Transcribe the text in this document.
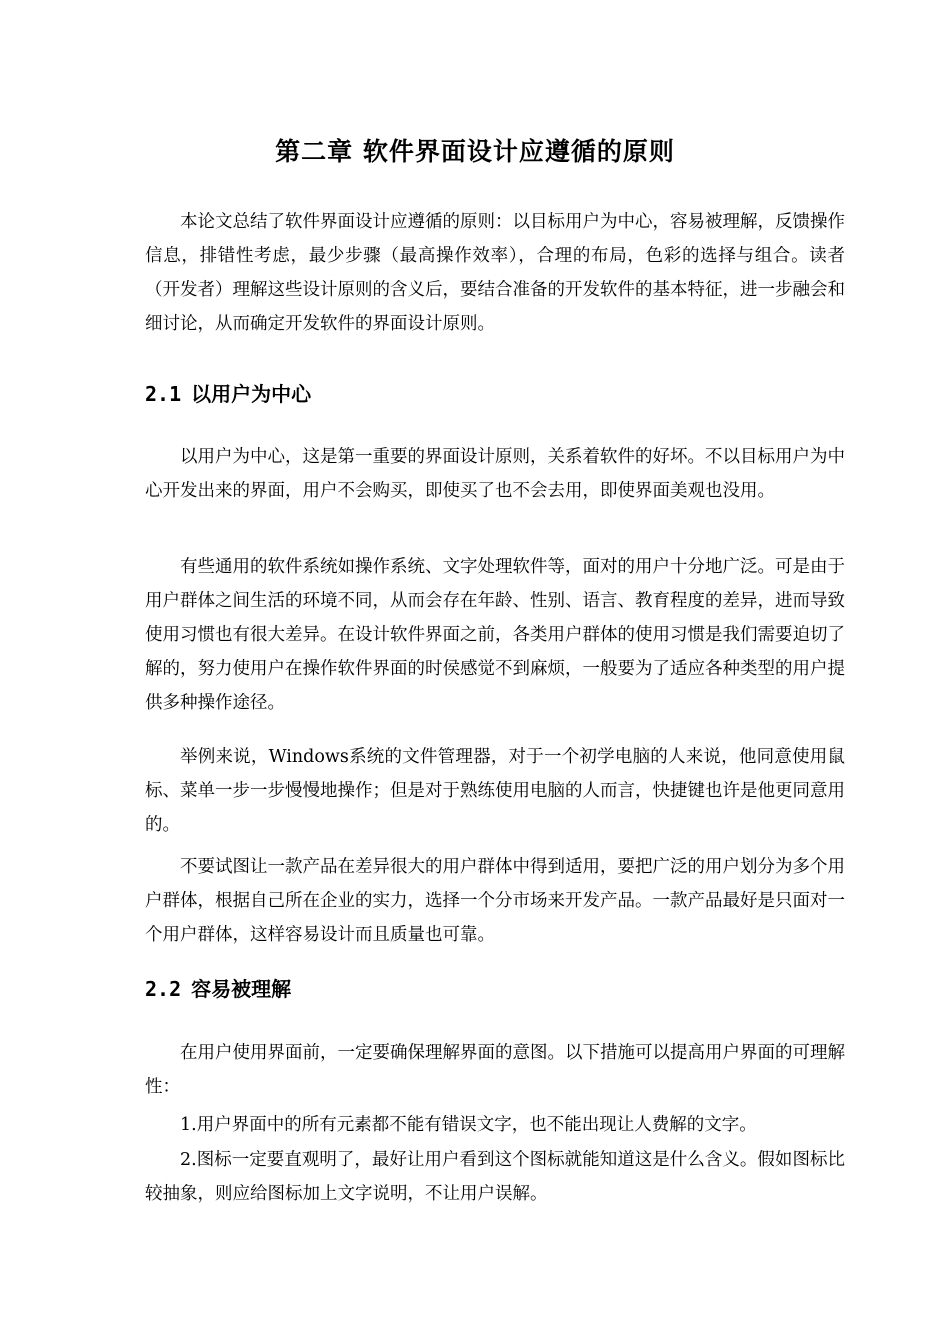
第二章 软件界面设计应遵循的原则

本论文总结了软件界面设计应遵循的原则：以目标用户为中心，容易被理解，反馈操作信息，排错性考虑，最少步骤（最高操作效率），合理的布局，色彩的选择与组合。读者（开发者）理解这些设计原则的含义后，要结合准备的开发软件的基本特征，进一步融会和细讨论，从而确定开发软件的界面设计原则。

2.1 以用户为中心

以用户为中心，这是第一重要的界面设计原则，关系着软件的好坏。不以目标用户为中心开发出来的界面，用户不会购买，即使买了也不会去用，即使界面美观也没用。

有些通用的软件系统如操作系统、文字处理软件等，面对的用户十分地广泛。可是由于用户群体之间生活的环境不同，从而会存在年龄、性别、语言、教育程度的差异，进而导致使用习惯也有很大差异。在设计软件界面之前，各类用户群体的使用习惯是我们需要迫切了解的，努力使用户在操作软件界面的时侯感觉不到麻烦，一般要为了适应各种类型的用户提供多种操作途径。

举例来说，Windows系统的文件管理器，对于一个初学电脑的人来说，他同意使用鼠标、菜单一步一步慢慢地操作；但是对于熟练使用电脑的人而言，快捷键也许是他更同意用的。

不要试图让一款产品在差异很大的用户群体中得到适用，要把广泛的用户划分为多个用户群体，根据自己所在企业的实力，选择一个分市场来开发产品。一款产品最好是只面对一个用户群体，这样容易设计而且质量也可靠。

2.2 容易被理解

在用户使用界面前，一定要确保理解界面的意图。以下措施可以提高用户界面的可理解性：

1.用户界面中的所有元素都不能有错误文字，也不能出现让人费解的文字。

2.图标一定要直观明了，最好让用户看到这个图标就能知道这是什么含义。假如图标比较抽象，则应给图标加上文字说明，不让用户误解。
